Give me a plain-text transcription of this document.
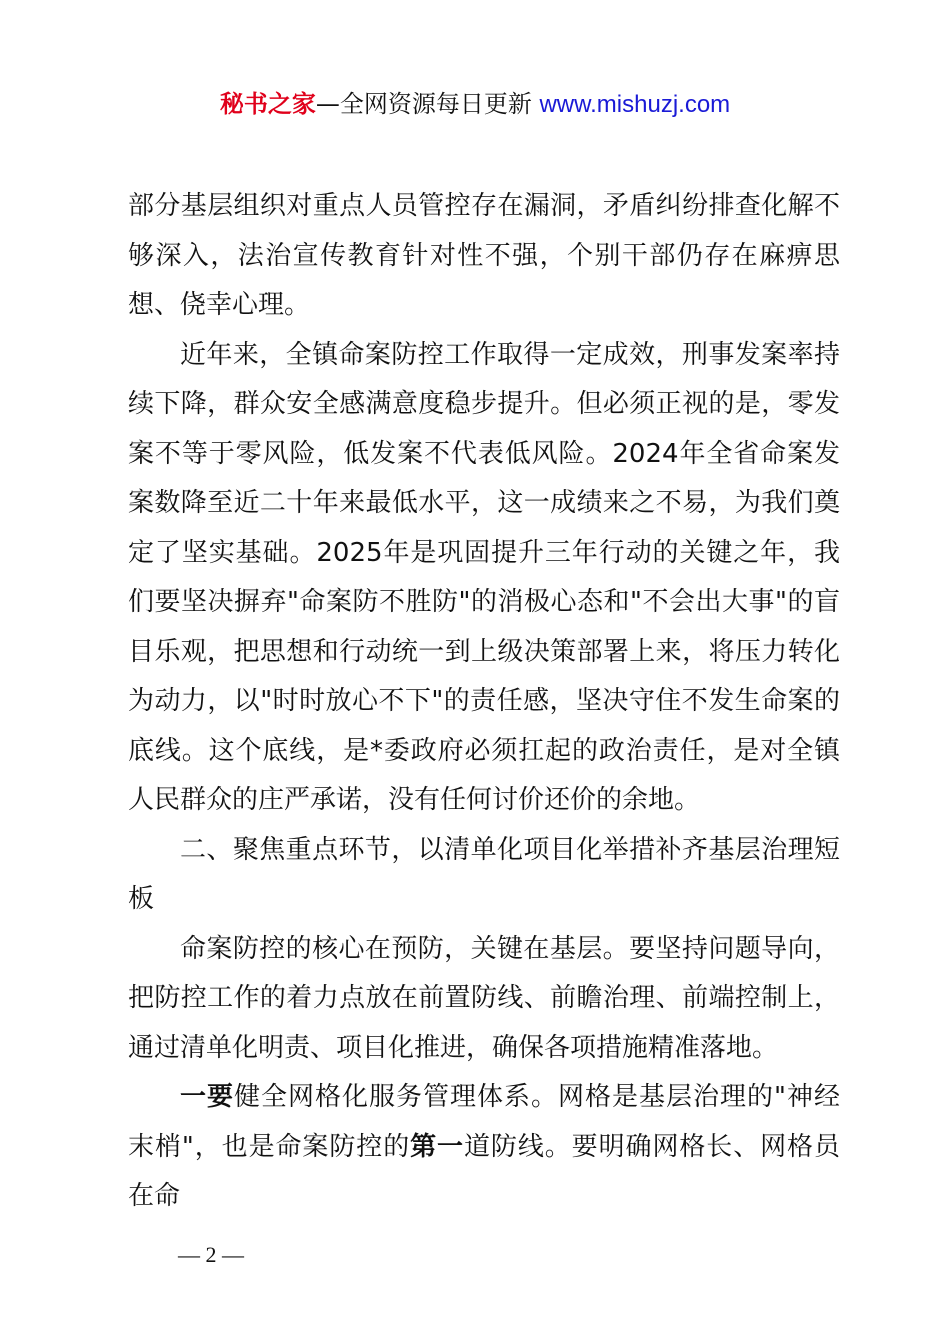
秘书之家—全网资源每日更新 www.mishuzj.com

部分基层组织对重点人员管控存在漏洞，矛盾纠纷排查化解不够深入，法治宣传教育针对性不强，个别干部仍存在麻痹思想、侥幸心理。

近年来，全镇命案防控工作取得一定成效，刑事发案率持续下降，群众安全感满意度稳步提升。但必须正视的是，零发案不等于零风险，低发案不代表低风险。2024年全省命案发案数降至近二十年来最低水平，这一成绩来之不易，为我们奠定了坚实基础。2025年是巩固提升三年行动的关键之年，我们要坚决摒弃"命案防不胜防"的消极心态和"不会出大事"的盲目乐观，把思想和行动统一到上级决策部署上来，将压力转化为动力，以"时时放心不下"的责任感，坚决守住不发生命案的底线。这个底线，是*委政府必须扛起的政治责任，是对全镇人民群众的庄严承诺，没有任何讨价还价的余地。

二、聚焦重点环节，以清单化项目化举措补齐基层治理短板

命案防控的核心在预防，关键在基层。要坚持问题导向，把防控工作的着力点放在前置防线、前瞻治理、前端控制上，通过清单化明责、项目化推进，确保各项措施精准落地。

一要健全网格化服务管理体系。网格是基层治理的"神经末梢"，也是命案防控的第一道防线。要明确网格长、网格员在命

— 2 —
